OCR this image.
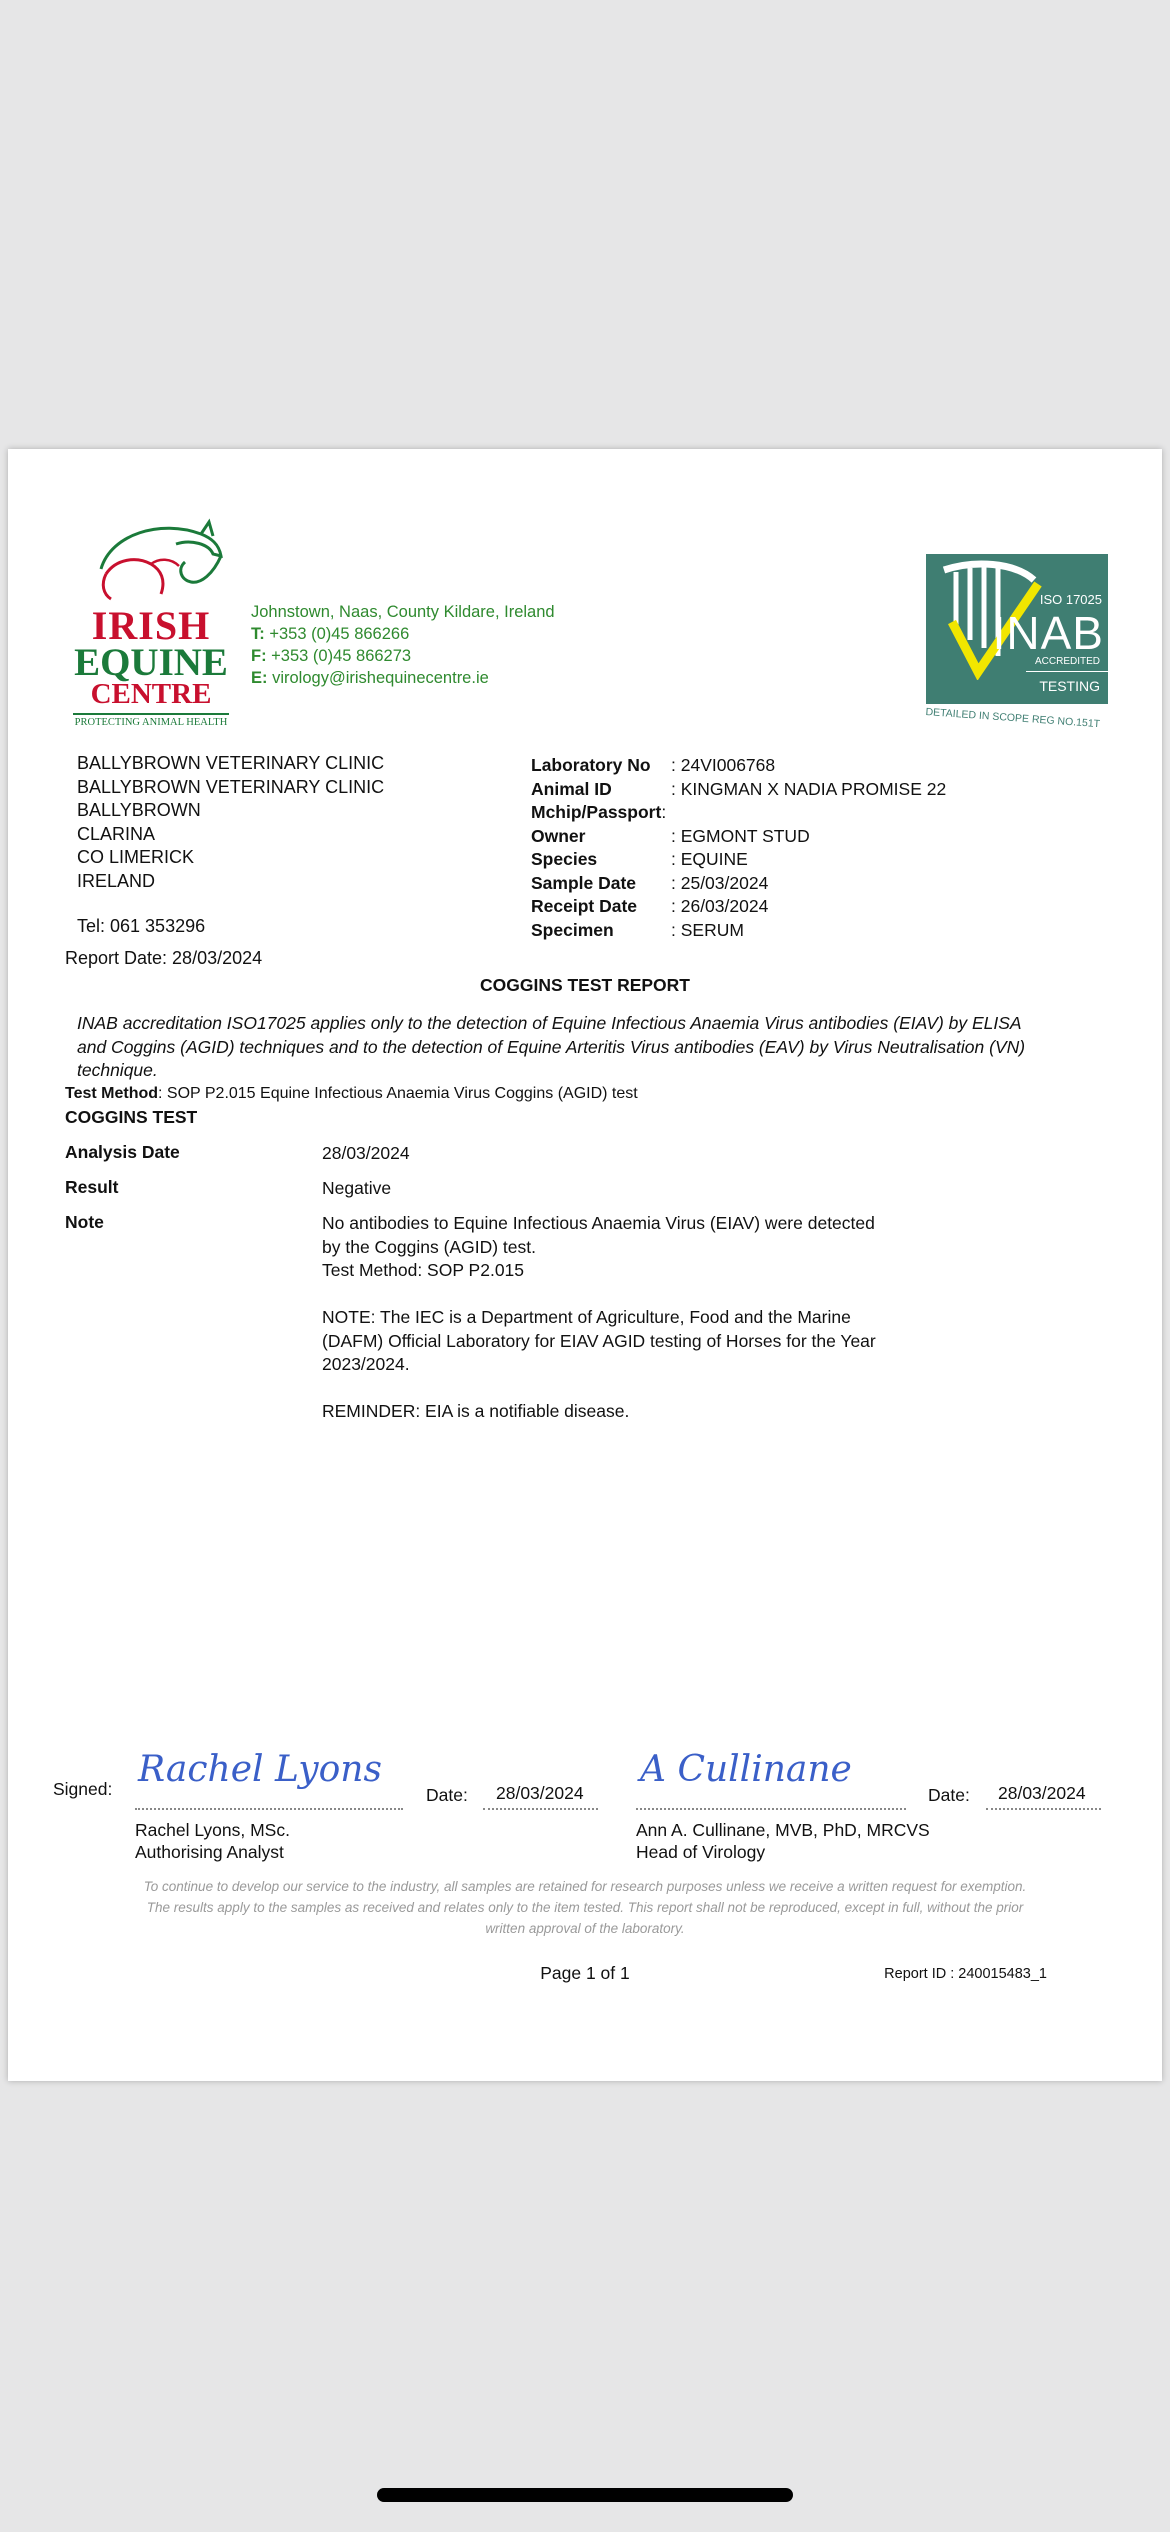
IRISH
EQUINE
CENTRE
PROTECTING ANIMAL HEALTH
Johnstown, Naas, County Kildare, Ireland
T: +353 (0)45 866266
F: +353 (0)45 866273
E: virology@irishequinecentre.ie
ISO 17025
INAB
ACCREDITED
TESTING
DETAILED IN SCOPE REG NO.151T
BALLYBROWN VETERINARY CLINIC
BALLYBROWN VETERINARY CLINIC
BALLYBROWN
CLARINA
CO LIMERICK
IRELAND
Tel: 061 353296
Laboratory No	: 24VI006768
Animal ID	: KINGMAN X NADIA PROMISE 22
Mchip/Passport :
Owner	: EGMONT STUD
Species	: EQUINE
Sample Date	: 25/03/2024
Receipt Date	: 26/03/2024
Specimen	: SERUM
Report Date: 28/03/2024
COGGINS TEST REPORT
INAB accreditation ISO17025 applies only to the detection of Equine Infectious Anaemia Virus antibodies (EIAV) by ELISA and Coggins (AGID) techniques and to the detection of Equine Arteritis Virus antibodies (EAV) by Virus Neutralisation (VN) technique.
Test Method: SOP P2.015 Equine Infectious Anaemia Virus Coggins (AGID) test
COGGINS TEST
Analysis Date	28/03/2024
Result	Negative
Note	No antibodies to Equine Infectious Anaemia Virus (EIAV) were detected by the Coggins (AGID) test.
Test Method: SOP P2.015
NOTE: The IEC is a Department of Agriculture, Food and the Marine (DAFM) Official Laboratory for EIAV AGID testing of Horses for the Year 2023/2024.
REMINDER: EIA is a notifiable disease.
Signed: Rachel Lyons
Date: 28/03/2024
Rachel Lyons, MSc.
Authorising Analyst
A Cullinane
Date: 28/03/2024
Ann A. Cullinane, MVB, PhD, MRCVS
Head of Virology
To continue to develop our service to the industry, all samples are retained for research purposes unless we receive a written request for exemption.
The results apply to the samples as received and relates only to the item tested. This report shall not be reproduced, except in full, without the prior written approval of the laboratory.
Page 1 of 1	Report ID : 240015483_1
